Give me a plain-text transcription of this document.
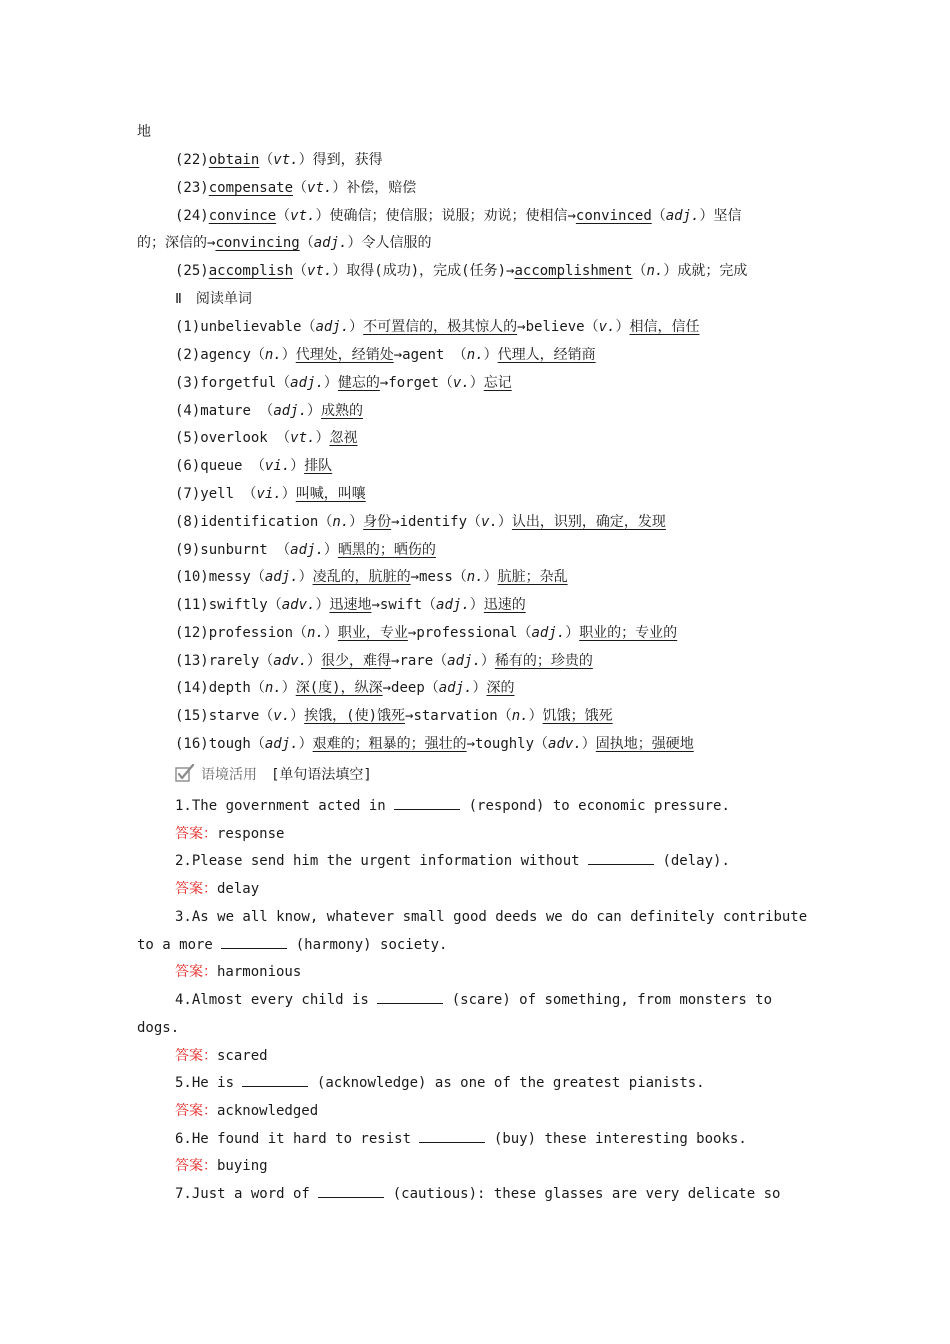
地
(22)obtain（vt.）得到，获得
(23)compensate（vt.）补偿，赔偿
(24)convince（vt.）使确信；使信服；说服；劝说；使相信→convinced（adj.）坚信
的；深信的→convincing（adj.）令人信服的
(25)accomplish（vt.）取得(成功)，完成(任务)→accomplishment（n.）成就；完成
Ⅱ　 阅读单词
(1)unbelievable（adj.）不可置信的，极其惊人的→believe（v.）相信，信任
(2)agency（n.）代理处，经销处→agent （n.）代理人，经销商
(3)forgetful（adj.）健忘的→forget（v.）忘记
(4)mature （adj.）成熟的
(5)overlook （vt.）忽视
(6)queue （vi.）排队
(7)yell （vi.）叫喊，叫嚷
(8)identification（n.）身份→identify（v.）认出，识别，确定，发现
(9)sunburnt （adj.）晒黑的；晒伤的
(10)messy（adj.）凌乱的，肮脏的→mess（n.）肮脏；杂乱
(11)swiftly（adv.）迅速地→swift（adj.）迅速的
(12)profession（n.）职业，专业→professional（adj.）职业的；专业的
(13)rarely（adv.）很少，难得→rare（adj.）稀有的；珍贵的
(14)depth（n.）深(度)，纵深→deep（adj.）深的
(15)starve（v.）挨饿，(使)饿死→starvation（n.）饥饿；饿死
(16)tough（adj.）艰难的；粗暴的；强壮的→toughly（adv.）固执地；强硬地
语境活用　 [单句语法填空]
1.The government acted in	(respond) to economic pressure.
答案：response
2.Please send him the urgent information without	(delay).
答案：delay
3.As we all know, whatever small good deeds we do can definitely contribute
to a more	(harmony) society.
答案：harmonious
4.Almost every child is	(scare) of something, from monsters to
dogs.
答案：scared
5.He is	(acknowledge) as one of the greatest pianists.
答案：acknowledged
6.He found it hard to resist	(buy) these interesting books.
答案：buying
7.Just a word of	(cautious): these glasses are very delicate so
